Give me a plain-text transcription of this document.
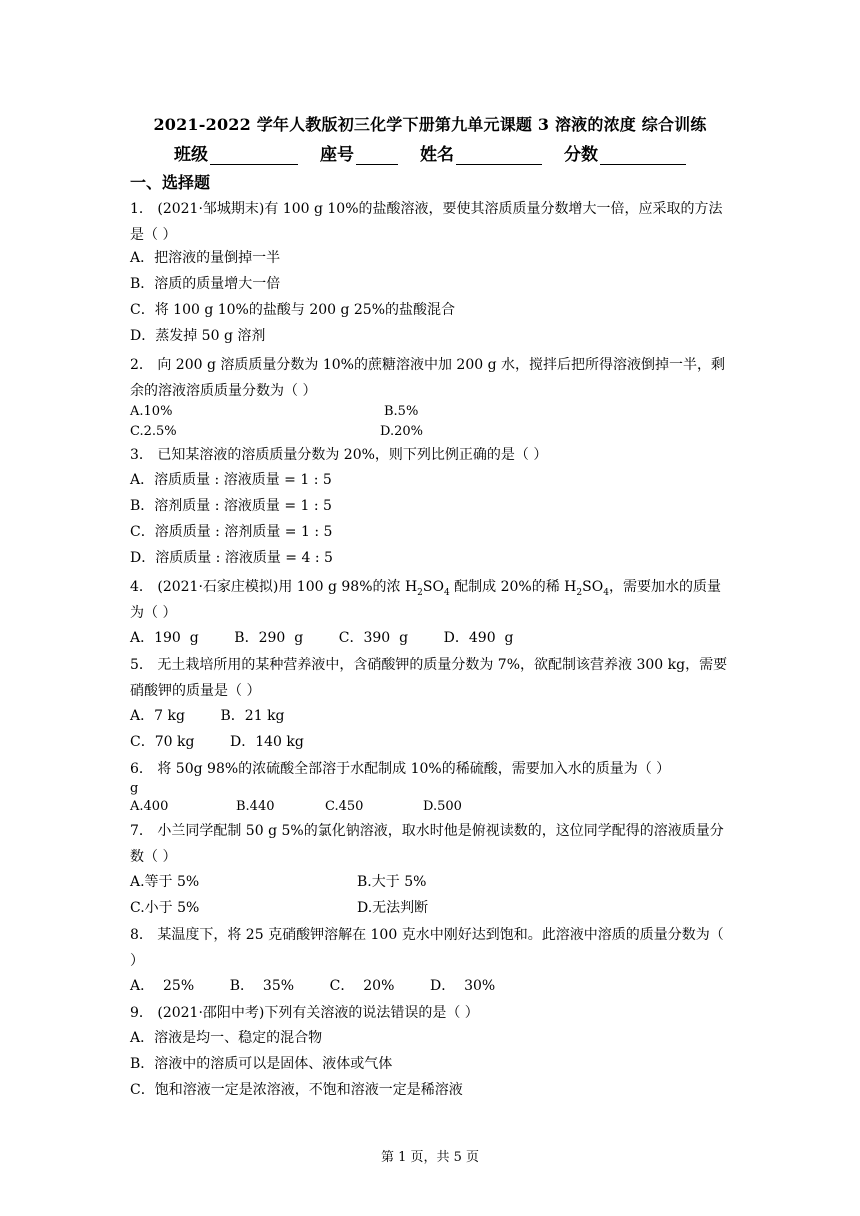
2021-2022 学年人教版初三化学下册第九单元课题 3 溶液的浓度 综合训练
班级	座号	姓名	分数
一、选择题
1． (2021·邹城期末)有 100 g 10%的盐酸溶液，要使其溶质质量分数增大一倍，应采取的方法是（ ）
A．把溶液的量倒掉一半
B．溶质的质量增大一倍
C．将 100 g 10%的盐酸与 200 g 25%的盐酸混合
D．蒸发掉 50 g 溶剂
2． 向 200 g 溶质质量分数为 10%的蔗糖溶液中加 200 g 水，搅拌后把所得溶液倒掉一半，剩余的溶液溶质质量分数为（ ）
A.10%	B.5%
C.2.5%	D.20%
3． 已知某溶液的溶质质量分数为 20%，则下列比例正确的是（ ）
A．溶质质量 : 溶液质量 = 1 : 5
B．溶剂质量 : 溶液质量 = 1 : 5
C．溶质质量 : 溶剂质量 = 1 : 5
D．溶质质量 : 溶液质量 = 4 : 5
4． (2021·石家庄模拟)用 100 g 98%的浓 $H_2SO_4$ 配制成 20%的稀 $H_2SO_4$，需要加水的质量为（ ）
A．190  g        B．290  g        C．390  g        D．490  g
5． 无土栽培所用的某种营养液中，含硝酸钾的质量分数为 7%，欲配制该营养液 300 kg，需要硝酸钾的质量是（ ）
A．7 kg        B．21 kg
C．70 kg        D．140 kg
6． 将 50g 98%的浓硫酸全部溶于水配制成 10%的稀硫酸，需要加入水的质量为（ ）
g
A.400	B.440	C.450	D.500
7． 小兰同学配制 50 g 5%的氯化钠溶液，取水时他是俯视读数的，这位同学配得的溶液质量分数（ ）
A.等于 5%	B.大于 5%
C.小于 5%	D.无法判断
8． 某温度下，将 25 克硝酸钾溶解在 100 克水中刚好达到饱和。此溶液中溶质的质量分数为（ ）
A．  25%        B．  35%        C．  20%        D．  30%
9． (2021·邵阳中考)下列有关溶液的说法错误的是（ ）
A．溶液是均一、稳定的混合物
B．溶液中的溶质可以是固体、液体或气体
C．饱和溶液一定是浓溶液，不饱和溶液一定是稀溶液
第 1 页，共 5 页
